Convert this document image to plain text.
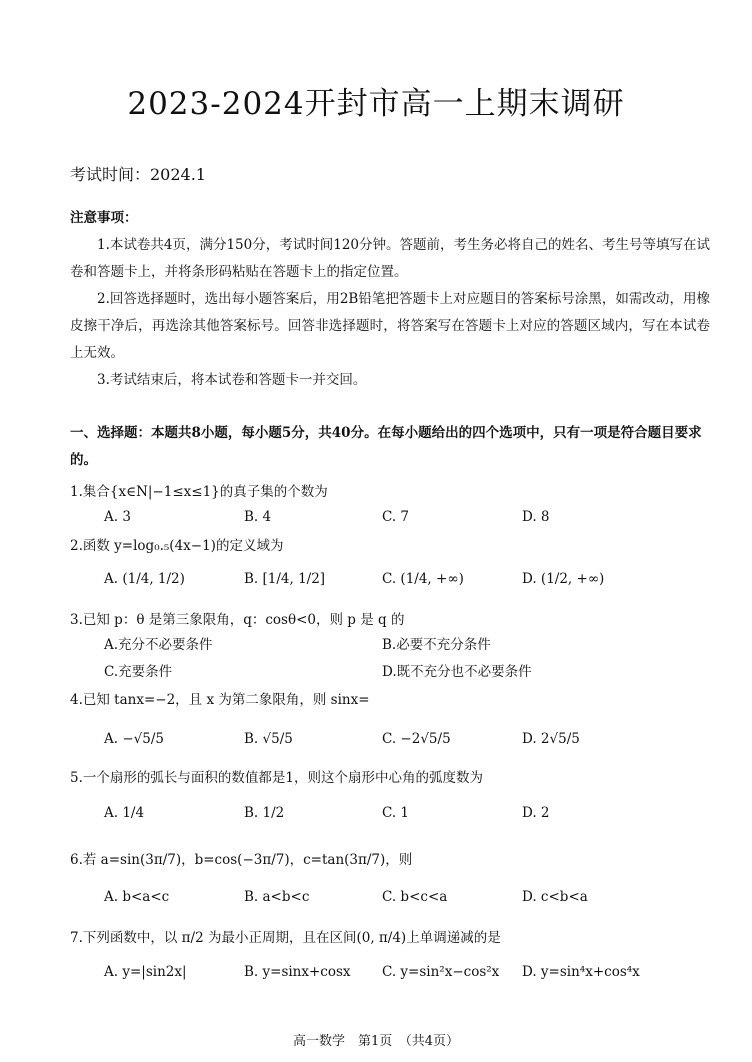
2023-2024开封市高一上期末调研
考试时间：2024.1
注意事项：

1.本试卷共4页，满分150分，考试时间120分钟。答题前，考生务必将自己的姓名、考生号等填写在试卷和答题卡上，并将条形码粘贴在答题卡上的指定位置。

2.回答选择题时，选出每小题答案后，用2B铅笔把答题卡上对应题目的答案标号涂黑，如需改动，用橡皮擦干净后，再选涂其他答案标号。回答非选择题时，将答案写在答题卡上对应的答题区域内，写在本试卷上无效。

3.考试结束后，将本试卷和答题卡一并交回。

一、选择题：本题共8小题，每小题5分，共40分。在每小题给出的四个选项中，只有一项是符合题目要求的。
1.集合{x∈N|−1≤x≤1}的真子集的个数为
A. 3	B. 4	C. 7	D. 8
2.函数 y=log₀.₅(4x−1)的定义域为
A. (1/4, 1/2)	B. [1/4, 1/2]	C. (1/4, +∞)	D. (1/2, +∞)
3.已知 p：θ 是第三象限角，q：cosθ<0，则 p 是 q 的
A.充分不必要条件	B.必要不充分条件
C.充要条件	D.既不充分也不必要条件
4.已知 tanx=−2，且 x 为第二象限角，则 sinx=
A. −√5/5	B. √5/5	C. −2√5/5	D. 2√5/5
5.一个扇形的弧长与面积的数值都是1，则这个扇形中心角的弧度数为
A. 1/4	B. 1/2	C. 1	D. 2
6.若 a=sin(3π/7)，b=cos(−3π/7)，c=tan(3π/7)，则
A. b<a<c	B. a<b<c	C. b<c<a	D. c<b<a
7.下列函数中，以 π/2 为最小正周期，且在区间(0, π/4)上单调递减的是
A. y=|sin2x|	B. y=sinx+cosx C. y=sin²x−cos²x D. y=sin⁴x+cos⁴x
高一数学　第1页　（共4页）
